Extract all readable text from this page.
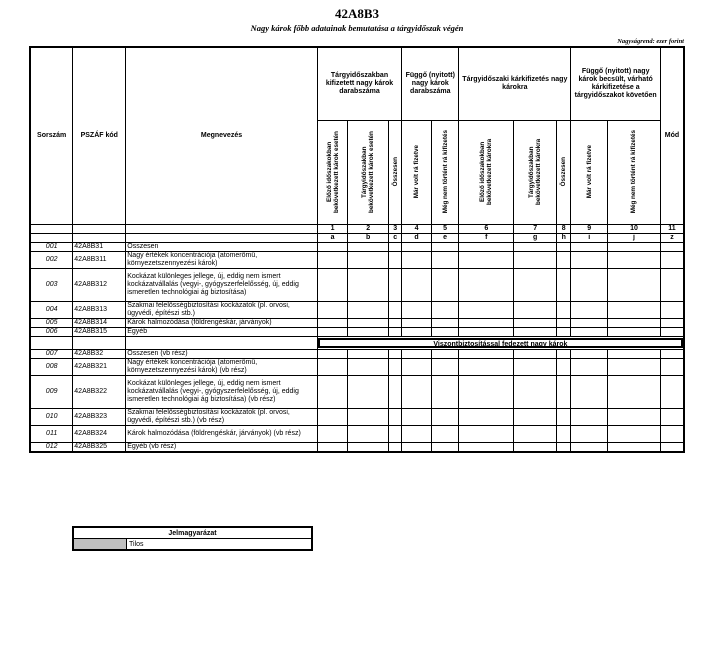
42A8B3
Nagy károk főbb adatainak bemutatása a tárgyidőszak végén
Nagyságrend: ezer forint
Sorszám	PSZÁF kód	Megnevezés	Tárgyidőszakban kifizetett nagy károk darabszáma			Függő (nyitott) nagy károk darabszáma		Tárgyidőszaki kárkifizetés nagy károkra			Függő (nyitott) nagy károk becsült, várható kárkifizetése a tárgyidőszakot követően		Mód

			Előző időszakokban bekövetkezett károk esetén	Tárgyidőszakban bekövetkezett károk esetén	Összesen	Már volt rá fizetve	Még nem történt rá kifizetés	Előző időszakokban bekövetkezett károkra	Tárgyidőszakban bekövetkezett károkra	Összesen	Már volt rá fizetve	Még nem történt rá kifizetés	

			1	2	3	4	5	6	7	8	9	10	11
			a	b	c	d	e	f	g	h	i	j	z
001	42A8B31	Összesen											
002	42A8B311	Nagy értékek koncentrációja (atomerőmű, környezetszennyezési károk)											
003	42A8B312	Kockázat különleges jellege, új, eddig nem ismert kockázatvállalás (vegyi-, gyógyszerfelelősség, új, eddig ismeretlen technológiai ág biztosítása)											
004	42A8B313	Szakmai felelősségbiztosítási kockázatok (pl. orvosi, ügyvédi, építészi stb.)											
005	42A8B314	Károk halmozódása (földrengéskár, járványok)											
006	42A8B315	Egyéb											

			Viszontbiztosítással fedezett nagy károk										

007	42A8B32	Összesen (vb rész)											
008	42A8B321	Nagy értékek koncentrációja (atomerőmű, környezetszennyezési károk) (vb rész)											
009	42A8B322	Kockázat különleges jellege, új, eddig nem ismert kockázatvállalás (vegyi-, gyógyszerfelelősség, új, eddig ismeretlen technológiai ág biztosítása) (vb rész)											
010	42A8B323	Szakmai felelősségbiztosítási kockázatok (pl. orvosi, ügyvédi, építészi stb.) (vb rész)											
011	42A8B324	Károk halmozódása (földrengéskár, járványok) (vb rész)											
012	42A8B325	Egyéb (vb rész)											
Jelmagyarázat
	Tilos
